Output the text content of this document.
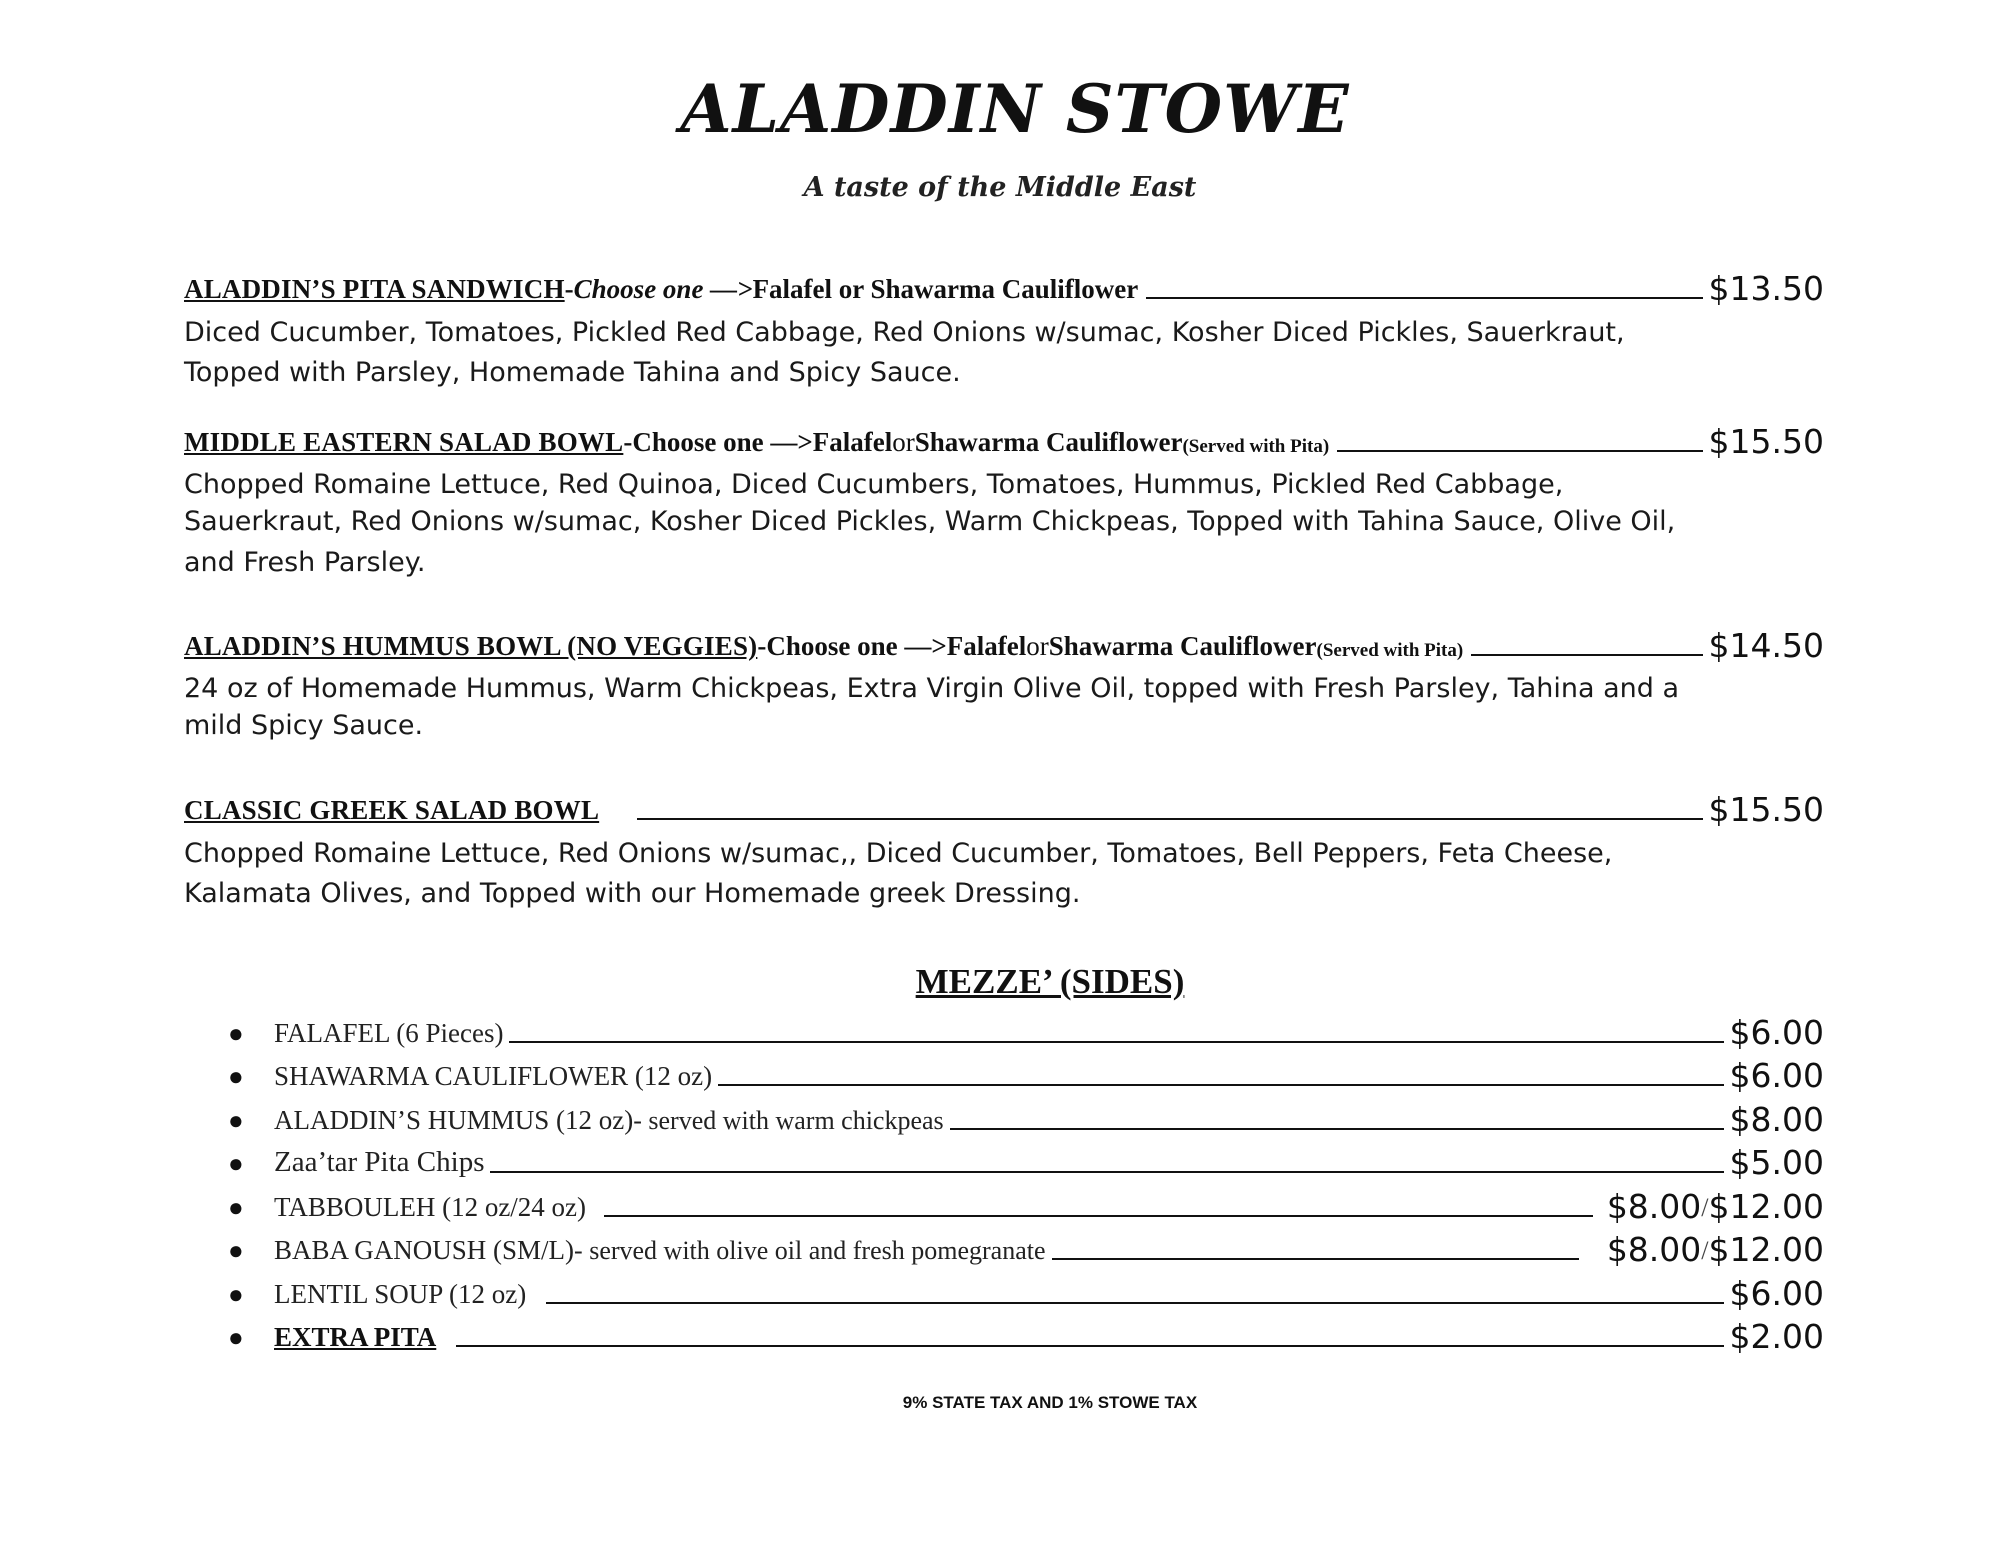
ALADDIN STOWE
A taste of the Middle East
ALADDIN’S PITA SANDWICH - Choose one —> Falafel or Shawarma Cauliflower	$13.50
Diced Cucumber, Tomatoes, Pickled Red Cabbage, Red Onions w/sumac, Kosher Diced Pickles, Sauerkraut,
Topped with Parsley, Homemade Tahina and Spicy Sauce.
MIDDLE EASTERN SALAD BOWL - Choose one —> Falafel or Shawarma Cauliflower (Served with Pita)	$15.50
Chopped Romaine Lettuce, Red Quinoa, Diced Cucumbers, Tomatoes, Hummus, Pickled Red Cabbage,
Sauerkraut, Red Onions w/sumac, Kosher Diced Pickles, Warm Chickpeas, Topped with Tahina Sauce, Olive Oil,
and Fresh Parsley.
ALADDIN’S HUMMUS BOWL (NO VEGGIES) - Choose one —> Falafel or Shawarma Cauliflower (Served with Pita)	$14.50
24 oz of Homemade Hummus, Warm Chickpeas, Extra Virgin Olive Oil, topped with Fresh Parsley, Tahina and a
mild Spicy Sauce.
CLASSIC GREEK SALAD BOWL	$15.50
Chopped Romaine Lettuce, Red Onions w/sumac,, Diced Cucumber, Tomatoes, Bell Peppers, Feta Cheese,
Kalamata Olives, and Topped with our Homemade greek Dressing.
MEZZE’ (SIDES)
●	FALAFEL (6 Pieces)	$6.00
●	SHAWARMA CAULIFLOWER (12 oz)	$6.00
●	ALADDIN’S HUMMUS (12 oz) - served with warm chickpeas	$8.00
●	Zaa’tar Pita Chips	$5.00
●	TABBOULEH (12 oz/24 oz)	$8.00 / $12.00
●	BABA GANOUSH (SM/L) - served with olive oil and fresh pomegranate	$8.00 / $12.00
●	LENTIL SOUP (12 oz)	$6.00
●	EXTRA PITA	$2.00
9% STATE TAX AND 1% STOWE TAX
